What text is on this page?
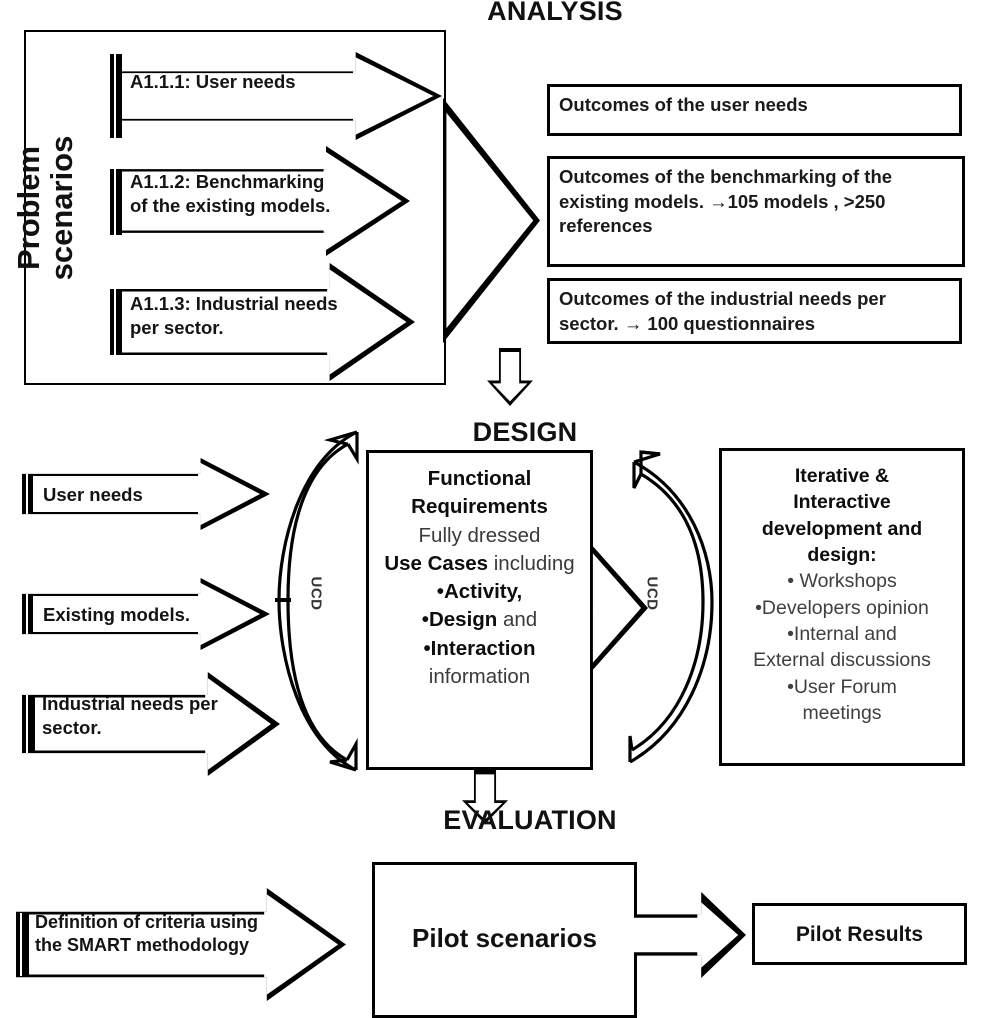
ANALYSIS
Problem
scenarios
A1.1.1: User needs
A1.1.2: Benchmarking
of the existing models.
A1.1.3: Industrial needs
per sector.
Outcomes of the user needs
Outcomes of the benchmarking of the existing models. →105 models , >250 references
Outcomes of the industrial needs per sector. → 100 questionnaires
DESIGN
User needs
Existing models.
Industrial needs per
sector.
UCD
Functional
Requirements
Fully dressed
Use Cases including
•Activity,
•Design and
•Interaction
information
UCD
Iterative &
Interactive
development and
design:
• Workshops
•Developers opinion
•Internal and
External discussions
•User Forum
meetings
EVALUATION
Definition of criteria using
the SMART methodology	Pilot scenarios	Pilot Results
